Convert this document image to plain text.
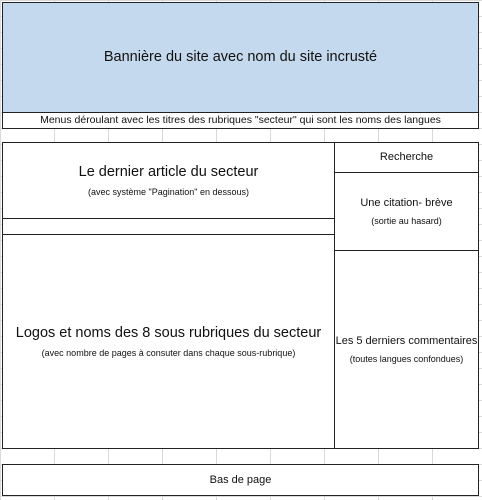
Bannière du site avec nom du site incrusté
Menus déroulant avec les titres des rubriques "secteur" qui sont les noms des langues
Le dernier article du secteur
(avec système "Pagination" en dessous)
Logos et noms des 8 sous rubriques du secteur
(avec nombre de pages à consuter dans chaque sous-rubrique)
Recherche
Une citation- brève
(sortie au hasard)
Les 5 derniers commentaires
(toutes langues confondues)
Bas de page
